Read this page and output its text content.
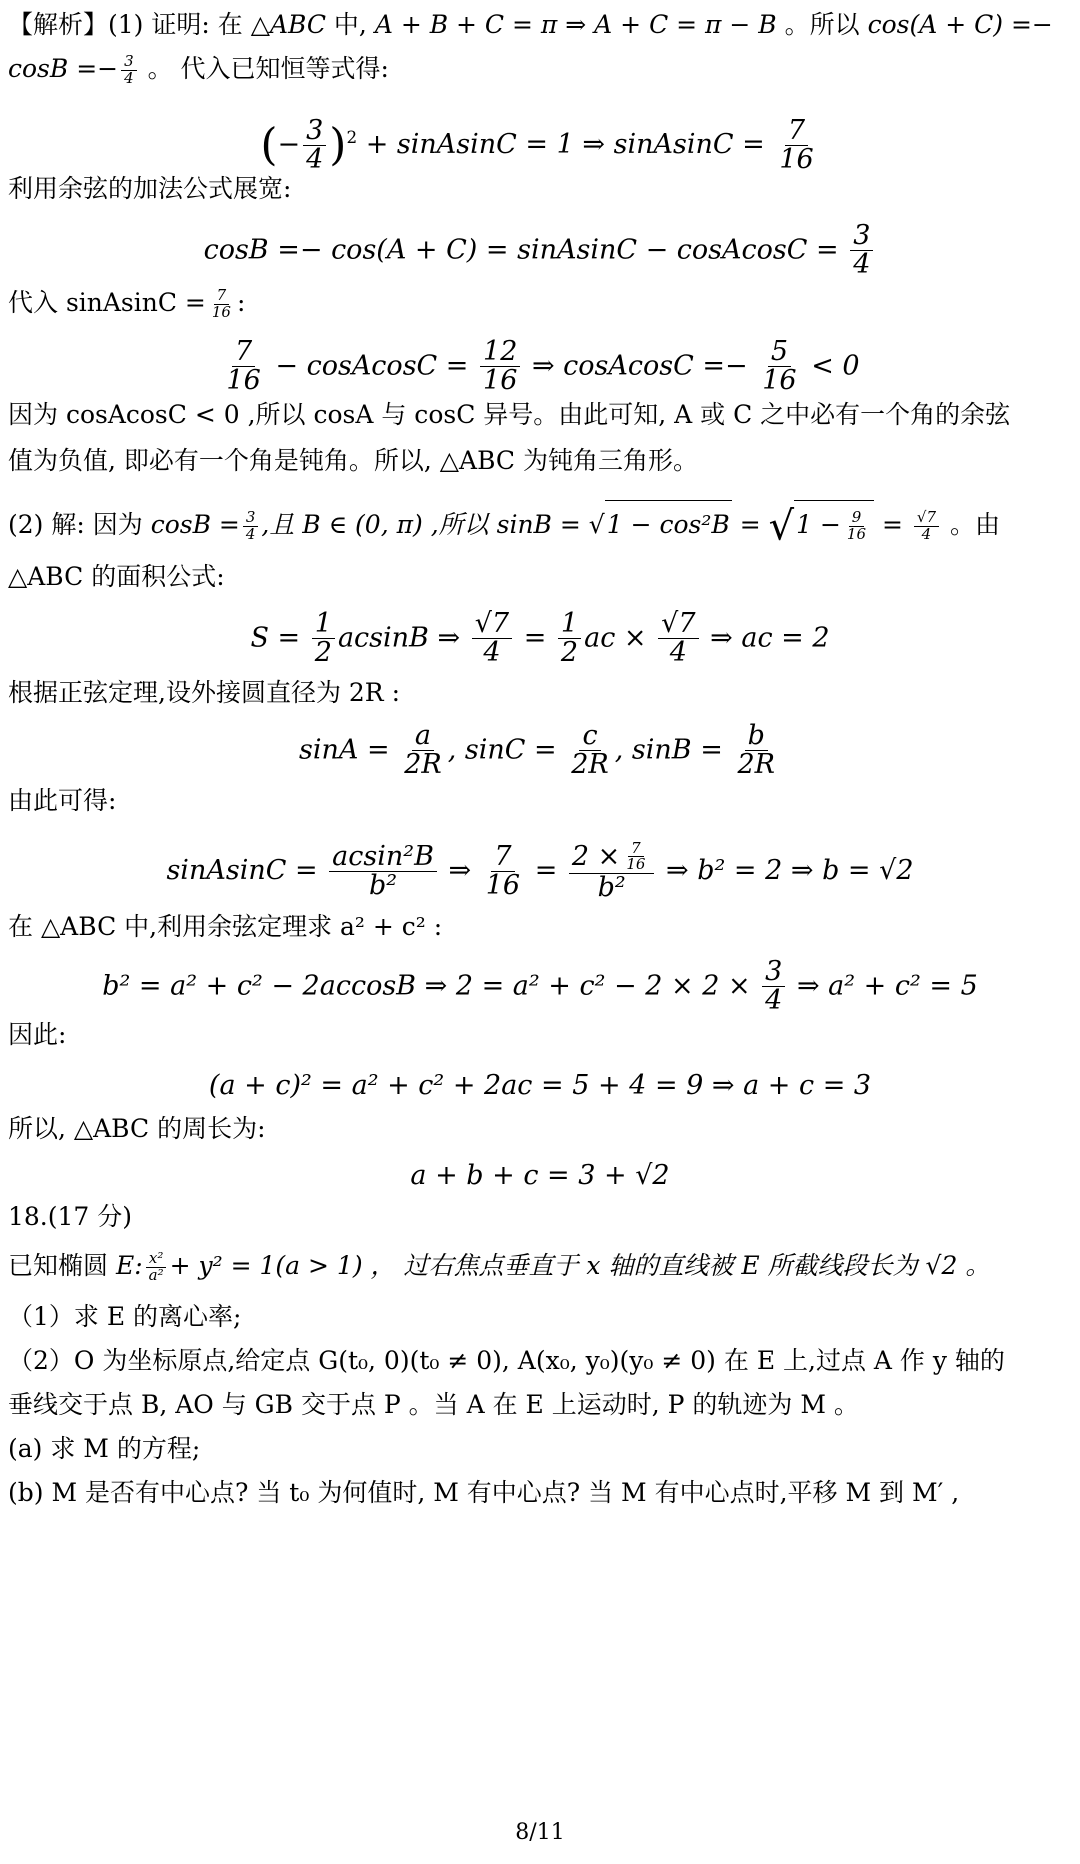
【解析】(1) 证明: 在 △ABC 中, A + B + C = π ⇒ A + C = π − B 。所以 cos(A + C) =−
$\cos B =- \frac{3}{4}$ 。 代入已知恒等式得:
(− $\frac{3}{4} )^2$ + sinAsinC = 1 ⇒ sinAsinC = $\frac{7}{16}$
利用余弦的加法公式展宽:
cosB =− cos(A + C) = sinAsinC − cosAcosC = $\frac{3}{4}$
代入 sinAsinC = $\frac{7}{16}$ :
$\frac{7}{16}$ − cosAcosC = $\frac{12}{16}$ ⇒ cosAcosC =− $\frac{5}{16} < 0$
因为 cosAcosC < 0 ,所以 cosA 与 cosC 异号。由此可知, A 或 C 之中必有一个角的余弦
值为负值, 即必有一个角是钝角。所以, △ABC 为钝角三角形。
(2) 解: 因为 $\cos B = \frac{3}{4}$ ,且 B ∈ (0, π) ,所以 $\sin B = √1 - \cos^2B = √1 - \frac{9}{16} = \frac{√7}{4}$ 。由
△ABC 的面积公式:
$S = \frac{1}{2}$ acsinB ⇒ $\frac{√7}{4} = \frac{1}{2}$ ac × $\frac{√7}{4}$ ⇒ ac = 2
根据正弦定理,设外接圆直径为 2R :
$\sin A = \frac{a}{2R}$ , $\sin C = \frac{c}{2R}$ , $\sin B = \frac{b}{2R}$
由此可得:
sinAsinC = $\frac{\text{acsin²B}}{\text{b²}}$ ⇒ $\frac{7}{16} = \frac{2 \times \frac{7}{16}}{\text{b²}}$ ⇒ b² = 2 ⇒ b = √2
在 △ABC 中,利用余弦定理求 a² + c² :
b² = a² + c² − 2accosB ⇒ $2 = a^2 + c^2 - 2 \times 2 \times \frac{3}{4}$ ⇒ a² + c² = 5
因此:
(a + c)² = a² + c² + 2ac = 5 + 4 = 9 ⇒ a + c = 3
所以, △ABC 的周长为:
a + b + c = 3 + √2
18.(17 分)
已知椭圆 E: $\frac{\text{x²}}{\text{a²}} + y^2 = 1(a > 1)$ ， 过右焦点垂直于 x 轴的直线被 E 所截线段长为 √2 。
（1）求 E 的离心率;
（2）O 为坐标原点,给定点 G(t₀, 0)(t₀ ≠ 0), A(x₀, y₀)(y₀ ≠ 0) 在 E 上,过点 A 作 y 轴的
垂线交于点 B, AO 与 GB 交于点 P 。当 A 在 E 上运动时, P 的轨迹为 M 。
(a) 求 M 的方程;
(b) M 是否有中心点? 当 t₀ 为何值时, M 有中心点? 当 M 有中心点时,平移 M 到 M′ ,
8/11
